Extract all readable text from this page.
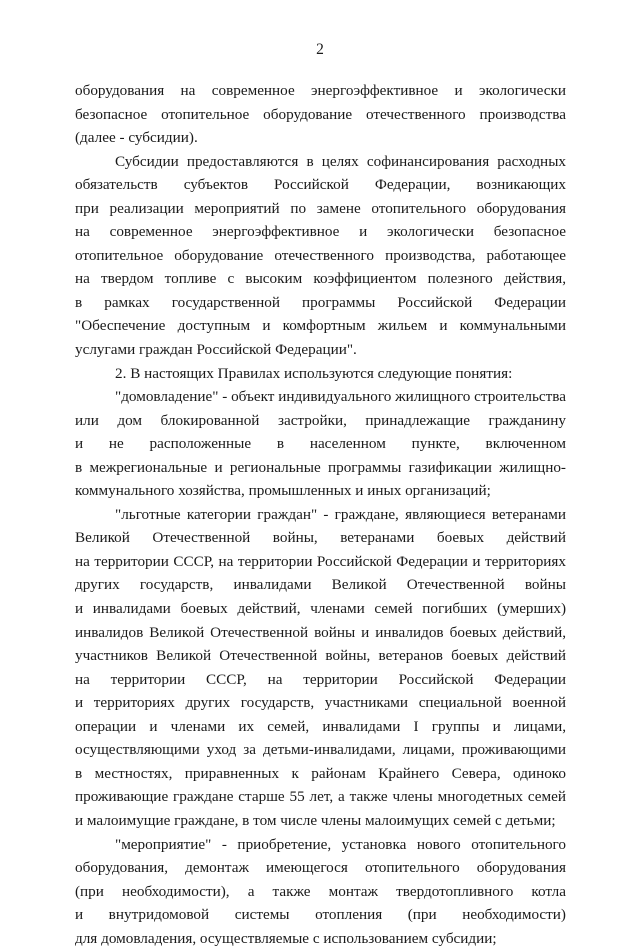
2
оборудования на современное энергоэффективное и экологически
безопасное отопительное оборудование отечественного производства
(далее - субсидии).
Субсидии предоставляются в целях софинансирования расходных
обязательств субъектов Российской Федерации, возникающих
при реализации мероприятий по замене отопительного оборудования
на современное энергоэффективное и экологически безопасное
отопительное оборудование отечественного производства, работающее
на твердом топливе с высоким коэффициентом полезного действия,
в рамках государственной программы Российской Федерации
"Обеспечение доступным и комфортным жильем и коммунальными
услугами граждан Российской Федерации".
2. В настоящих Правилах используются следующие понятия:
"домовладение" - объект индивидуального жилищного строительства
или дом блокированной застройки, принадлежащие гражданину
и не расположенные в населенном пункте, включенном
в межрегиональные и региональные программы газификации жилищно-
коммунального хозяйства, промышленных и иных организаций;
"льготные категории граждан" - граждане, являющиеся ветеранами
Великой Отечественной войны, ветеранами боевых действий
на территории СССР, на территории Российской Федерации и территориях
других государств, инвалидами Великой Отечественной войны
и инвалидами боевых действий, членами семей погибших (умерших)
инвалидов Великой Отечественной войны и инвалидов боевых действий,
участников Великой Отечественной войны, ветеранов боевых действий
на территории СССР, на территории Российской Федерации
и территориях других государств, участниками специальной военной
операции и членами их семей, инвалидами I группы и лицами,
осуществляющими уход за детьми-инвалидами, лицами, проживающими
в местностях, приравненных к районам Крайнего Севера, одиноко
проживающие граждане старше 55 лет, а также члены многодетных семей
и малоимущие граждане, в том числе члены малоимущих семей с детьми;
"мероприятие" - приобретение, установка нового отопительного
оборудования, демонтаж имеющегося отопительного оборудования
(при необходимости), а также монтаж твердотопливного котла
и внутридомовой системы отопления (при необходимости)
для домовладения, осуществляемые с использованием субсидии;
